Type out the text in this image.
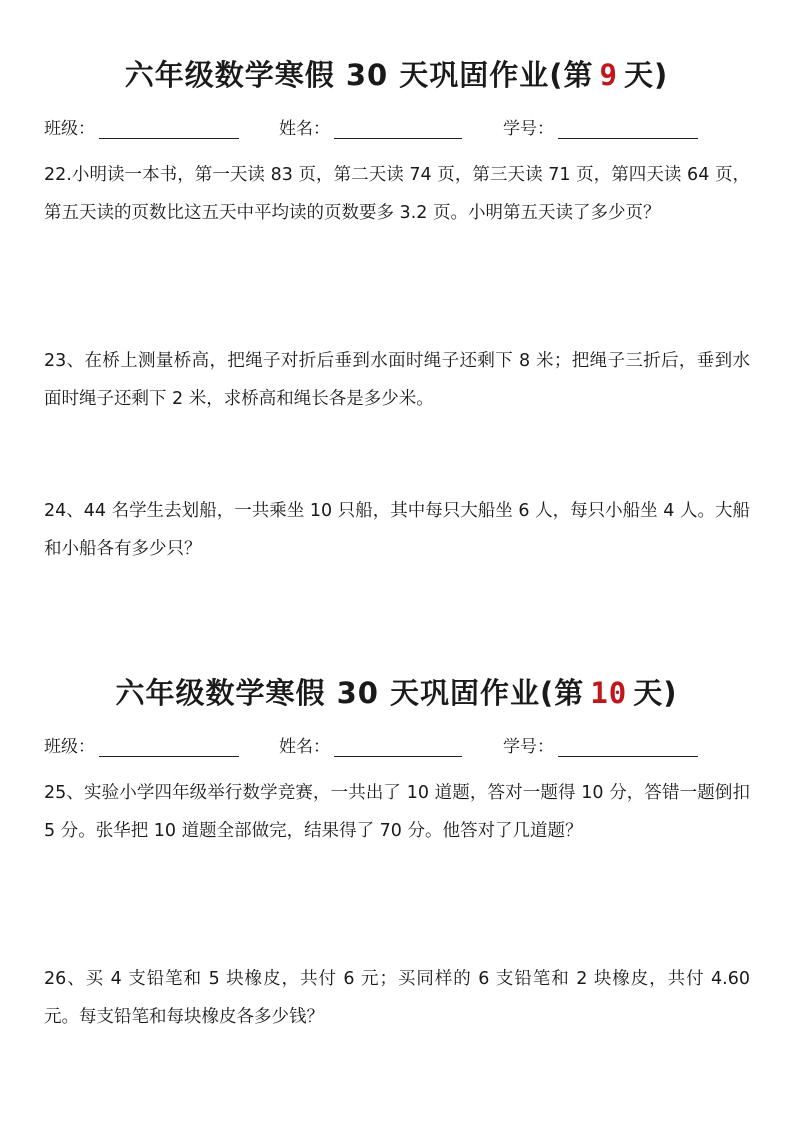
六年级数学寒假 30 天巩固作业(第 9 天)
班级：	姓名：	学号：

22.小明读一本书，第一天读 83 页，第二天读 74 页，第三天读 71 页，第四天读 64 页，第五天读的页数比这五天中平均读的页数要多 3.2 页。小明第五天读了多少页？

23、在桥上测量桥高，把绳子对折后垂到水面时绳子还剩下 8 米；把绳子三折后，垂到水面时绳子还剩下 2 米，求桥高和绳长各是多少米。

24、44 名学生去划船，一共乘坐 10 只船，其中每只大船坐 6 人，每只小船坐 4 人。大船和小船各有多少只？

六年级数学寒假 30 天巩固作业(第 10 天)
班级：	姓名：	学号：

25、实验小学四年级举行数学竞赛，一共出了 10 道题，答对一题得 10 分，答错一题倒扣5 分。张华把 10 道题全部做完，结果得了 70 分。他答对了几道题？

26、买 4 支铅笔和 5 块橡皮，共付 6 元；买同样的 6 支铅笔和 2 块橡皮，共付 4.60 元。每支铅笔和每块橡皮各多少钱？
